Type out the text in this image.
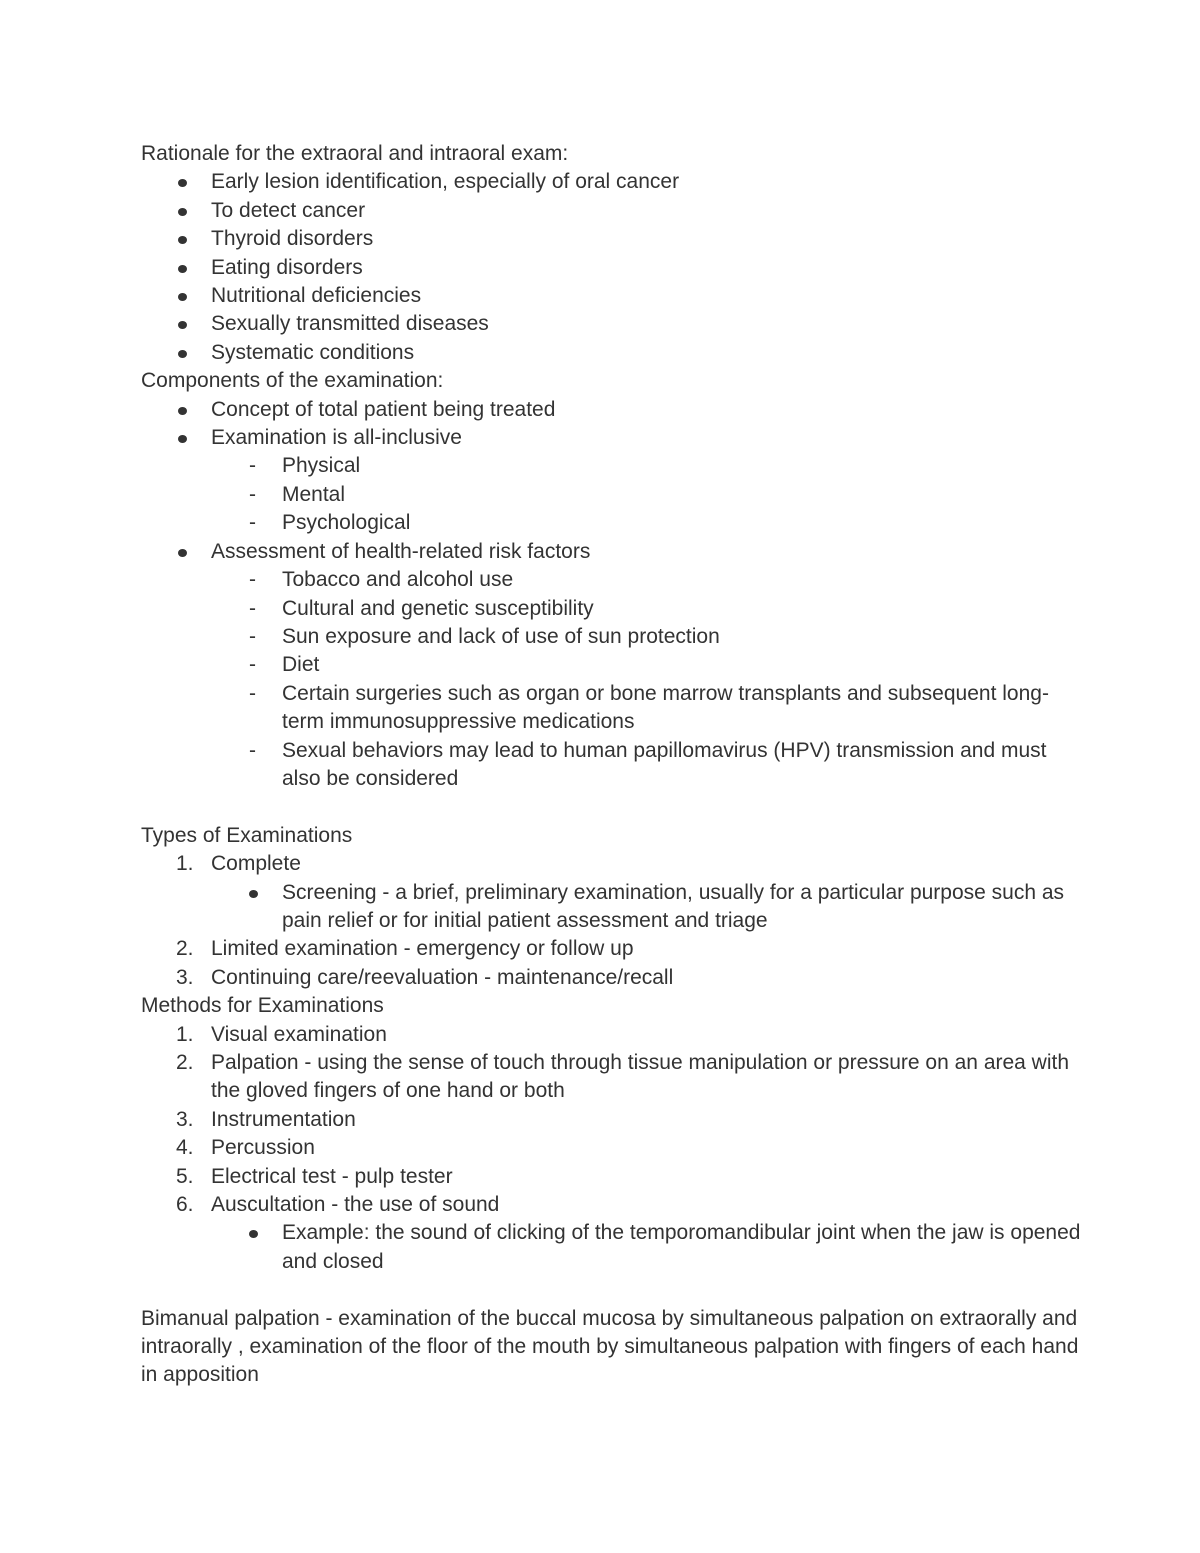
Rationale for the extraoral and intraoral exam:

Early lesion identification, especially of oral cancer
To detect cancer
Thyroid disorders
Eating disorders
Nutritional deficiencies
Sexually transmitted diseases
Systematic conditions

Components of the examination:

Concept of total patient being treated
Examination is all-inclusive
- Physical
- Mental
- Psychological
Assessment of health-related risk factors
- Tobacco and alcohol use
- Cultural and genetic susceptibility
- Sun exposure and lack of use of sun protection
- Diet
- Certain surgeries such as organ or bone marrow transplants and subsequent long-term immunosuppressive medications
- Sexual behaviors may lead to human papillomavirus (HPV) transmission and must also be considered

Types of Examinations

1. Complete
Screening - a brief, preliminary examination, usually for a particular purpose such as pain relief or for initial patient assessment and triage
2. Limited examination - emergency or follow up
3. Continuing care/reevaluation - maintenance/recall

Methods for Examinations

1. Visual examination
2. Palpation - using the sense of touch through tissue manipulation or pressure on an area with the gloved fingers of one hand or both
3. Instrumentation
4. Percussion
5. Electrical test - pulp tester
6. Auscultation - the use of sound
Example: the sound of clicking of the temporomandibular joint when the jaw is opened and closed

Bimanual palpation - examination of the buccal mucosa by simultaneous palpation on extraorally and intraorally , examination of the floor of the mouth by simultaneous palpation with fingers of each hand in apposition
